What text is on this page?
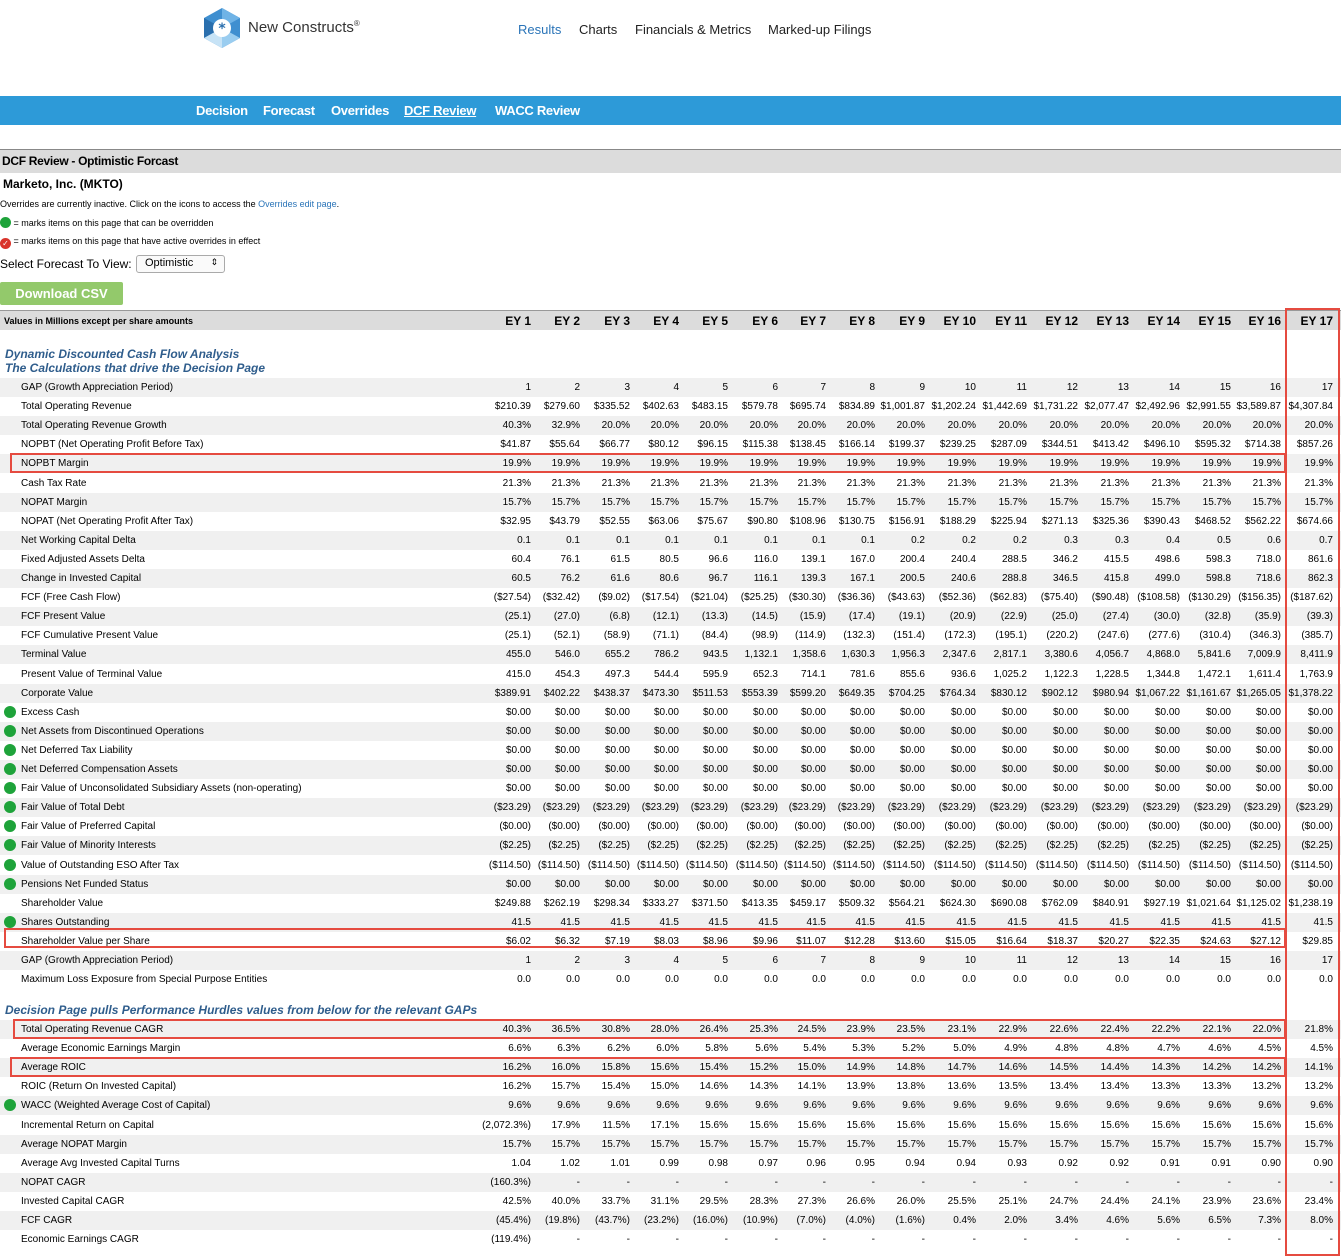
* New Constructs®	Results Charts Financials & Metrics Marked-up Filings
Decision Forecast Overrides DCF Review WACC Review
DCF Review - Optimistic Forcast
Marketo, Inc. (MKTO)
Overrides are currently inactive. Click on the icons to access the Overrides edit page.
= marks items on this page that can be overridden
✓ = marks items on this page that have active overrides in effect
Select Forecast To View:	Optimistic ⇕
Download CSV
Values in Millions except per share amounts	EY 1	EY 2	EY 3	EY 4	EY 5	EY 6	EY 7	EY 8	EY 9	EY 10	EY 11	EY 12	EY 13	EY 14	EY 15	EY 16	EY 17
Dynamic Discounted Cash Flow Analysis
The Calculations that drive the Decision Page
GAP (Growth Appreciation Period)	1	2	3	4	5	6	7	8	9	10	11	12	13	14	15	16	17
Total Operating Revenue	$210.39	$279.60	$335.52	$402.63	$483.15	$579.78	$695.74	$834.89 $1,001.87 $1,202.24 $1,442.69 $1,731.22 $2,077.47 $2,492.96 $2,991.55 $3,589.87 $4,307.84
Total Operating Revenue Growth	40.3%	32.9%	20.0%	20.0%	20.0%	20.0%	20.0%	20.0%	20.0%	20.0%	20.0%	20.0%	20.0%	20.0%	20.0%	20.0%	20.0%
NOPBT (Net Operating Profit Before Tax)	$41.87	$55.64	$66.77	$80.12	$96.15	$115.38	$138.45	$166.14	$199.37	$239.25	$287.09	$344.51	$413.42	$496.10	$595.32	$714.38	$857.26
NOPBT Margin	19.9%	19.9%	19.9%	19.9%	19.9%	19.9%	19.9%	19.9%	19.9%	19.9%	19.9%	19.9%	19.9%	19.9%	19.9%	19.9%	19.9%
Cash Tax Rate	21.3%	21.3%	21.3%	21.3%	21.3%	21.3%	21.3%	21.3%	21.3%	21.3%	21.3%	21.3%	21.3%	21.3%	21.3%	21.3%	21.3%
NOPAT Margin	15.7%	15.7%	15.7%	15.7%	15.7%	15.7%	15.7%	15.7%	15.7%	15.7%	15.7%	15.7%	15.7%	15.7%	15.7%	15.7%	15.7%
NOPAT (Net Operating Profit After Tax)	$32.95	$43.79	$52.55	$63.06	$75.67	$90.80	$108.96	$130.75	$156.91	$188.29	$225.94	$271.13	$325.36	$390.43	$468.52	$562.22	$674.66
Net Working Capital Delta	0.1	0.1	0.1	0.1	0.1	0.1	0.1	0.1	0.2	0.2	0.2	0.3	0.3	0.4	0.5	0.6	0.7
Fixed Adjusted Assets Delta	60.4	76.1	61.5	80.5	96.6	116.0	139.1	167.0	200.4	240.4	288.5	346.2	415.5	498.6	598.3	718.0	861.6
Change in Invested Capital	60.5	76.2	61.6	80.6	96.7	116.1	139.3	167.1	200.5	240.6	288.8	346.5	415.8	499.0	598.8	718.6	862.3
FCF (Free Cash Flow)	($27.54)	($32.42)	($9.02)	($17.54)	($21.04)	($25.25)	($30.30)	($36.36)	($43.63)	($52.36)	($62.83)	($75.40)	($90.48) ($108.58) ($130.29) ($156.35) ($187.62)
FCF Present Value	(25.1)	(27.0)	(6.8)	(12.1)	(13.3)	(14.5)	(15.9)	(17.4)	(19.1)	(20.9)	(22.9)	(25.0)	(27.4)	(30.0)	(32.8)	(35.9)	(39.3)
FCF Cumulative Present Value	(25.1)	(52.1)	(58.9)	(71.1)	(84.4)	(98.9)	(114.9)	(132.3)	(151.4)	(172.3)	(195.1)	(220.2)	(247.6)	(277.6)	(310.4)	(346.3)	(385.7)
Terminal Value	455.0	546.0	655.2	786.2	943.5	1,132.1	1,358.6	1,630.3	1,956.3	2,347.6	2,817.1	3,380.6	4,056.7	4,868.0	5,841.6	7,009.9	8,411.9
Present Value of Terminal Value	415.0	454.3	497.3	544.4	595.9	652.3	714.1	781.6	855.6	936.6	1,025.2	1,122.3	1,228.5	1,344.8	1,472.1	1,611.4	1,763.9
Corporate Value	$389.91	$402.22	$438.37	$473.30	$511.53	$553.39	$599.20	$649.35	$704.25	$764.34	$830.12	$902.12	$980.94 $1,067.22 $1,161.67 $1,265.05 $1,378.22
Excess Cash	$0.00	$0.00	$0.00	$0.00	$0.00	$0.00	$0.00	$0.00	$0.00	$0.00	$0.00	$0.00	$0.00	$0.00	$0.00	$0.00	$0.00
Net Assets from Discontinued Operations	$0.00	$0.00	$0.00	$0.00	$0.00	$0.00	$0.00	$0.00	$0.00	$0.00	$0.00	$0.00	$0.00	$0.00	$0.00	$0.00	$0.00
Net Deferred Tax Liability	$0.00	$0.00	$0.00	$0.00	$0.00	$0.00	$0.00	$0.00	$0.00	$0.00	$0.00	$0.00	$0.00	$0.00	$0.00	$0.00	$0.00
Net Deferred Compensation Assets	$0.00	$0.00	$0.00	$0.00	$0.00	$0.00	$0.00	$0.00	$0.00	$0.00	$0.00	$0.00	$0.00	$0.00	$0.00	$0.00	$0.00
Fair Value of Unconsolidated Subsidiary Assets (non-operating)	$0.00	$0.00	$0.00	$0.00	$0.00	$0.00	$0.00	$0.00	$0.00	$0.00	$0.00	$0.00	$0.00	$0.00	$0.00	$0.00	$0.00
Fair Value of Total Debt	($23.29)	($23.29)	($23.29)	($23.29)	($23.29)	($23.29)	($23.29)	($23.29)	($23.29)	($23.29)	($23.29)	($23.29)	($23.29)	($23.29)	($23.29)	($23.29)	($23.29)
Fair Value of Preferred Capital	($0.00)	($0.00)	($0.00)	($0.00)	($0.00)	($0.00)	($0.00)	($0.00)	($0.00)	($0.00)	($0.00)	($0.00)	($0.00)	($0.00)	($0.00)	($0.00)	($0.00)
Fair Value of Minority Interests	($2.25)	($2.25)	($2.25)	($2.25)	($2.25)	($2.25)	($2.25)	($2.25)	($2.25)	($2.25)	($2.25)	($2.25)	($2.25)	($2.25)	($2.25)	($2.25)	($2.25)
Value of Outstanding ESO After Tax	($114.50) ($114.50) ($114.50) ($114.50) ($114.50) ($114.50) ($114.50) ($114.50) ($114.50) ($114.50) ($114.50) ($114.50) ($114.50) ($114.50) ($114.50) ($114.50) ($114.50)
Pensions Net Funded Status	$0.00	$0.00	$0.00	$0.00	$0.00	$0.00	$0.00	$0.00	$0.00	$0.00	$0.00	$0.00	$0.00	$0.00	$0.00	$0.00	$0.00
Shareholder Value	$249.88	$262.19	$298.34	$333.27	$371.50	$413.35	$459.17	$509.32	$564.21	$624.30	$690.08	$762.09	$840.91	$927.19 $1,021.64 $1,125.02 $1,238.19
Shares Outstanding	41.5	41.5	41.5	41.5	41.5	41.5	41.5	41.5	41.5	41.5	41.5	41.5	41.5	41.5	41.5	41.5	41.5
Shareholder Value per Share	$6.02	$6.32	$7.19	$8.03	$8.96	$9.96	$11.07	$12.28	$13.60	$15.05	$16.64	$18.37	$20.27	$22.35	$24.63	$27.12	$29.85
GAP (Growth Appreciation Period)	1	2	3	4	5	6	7	8	9	10	11	12	13	14	15	16	17
Maximum Loss Exposure from Special Purpose Entities	0.0	0.0	0.0	0.0	0.0	0.0	0.0	0.0	0.0	0.0	0.0	0.0	0.0	0.0	0.0	0.0	0.0
Decision Page pulls Performance Hurdles values from below for the relevant GAPs
Total Operating Revenue CAGR	40.3%	36.5%	30.8%	28.0%	26.4%	25.3%	24.5%	23.9%	23.5%	23.1%	22.9%	22.6%	22.4%	22.2%	22.1%	22.0%	21.8%
Average Economic Earnings Margin	6.6%	6.3%	6.2%	6.0%	5.8%	5.6%	5.4%	5.3%	5.2%	5.0%	4.9%	4.8%	4.8%	4.7%	4.6%	4.5%	4.5%
Average ROIC	16.2%	16.0%	15.8%	15.6%	15.4%	15.2%	15.0%	14.9%	14.8%	14.7%	14.6%	14.5%	14.4%	14.3%	14.2%	14.2%	14.1%
ROIC (Return On Invested Capital)	16.2%	15.7%	15.4%	15.0%	14.6%	14.3%	14.1%	13.9%	13.8%	13.6%	13.5%	13.4%	13.4%	13.3%	13.3%	13.2%	13.2%
WACC (Weighted Average Cost of Capital)	9.6%	9.6%	9.6%	9.6%	9.6%	9.6%	9.6%	9.6%	9.6%	9.6%	9.6%	9.6%	9.6%	9.6%	9.6%	9.6%	9.6%
Incremental Return on Capital	(2,072.3%)	17.9%	11.5%	17.1%	15.6%	15.6%	15.6%	15.6%	15.6%	15.6%	15.6%	15.6%	15.6%	15.6%	15.6%	15.6%	15.6%
Average NOPAT Margin	15.7%	15.7%	15.7%	15.7%	15.7%	15.7%	15.7%	15.7%	15.7%	15.7%	15.7%	15.7%	15.7%	15.7%	15.7%	15.7%	15.7%
Average Avg Invested Capital Turns	1.04	1.02	1.01	0.99	0.98	0.97	0.96	0.95	0.94	0.94	0.93	0.92	0.92	0.91	0.91	0.90	0.90
NOPAT CAGR	(160.3%)	-	-	-	-	-	-	-	-	-	-	-	-	-	-	-	-
Invested Capital CAGR	42.5%	40.0%	33.7%	31.1%	29.5%	28.3%	27.3%	26.6%	26.0%	25.5%	25.1%	24.7%	24.4%	24.1%	23.9%	23.6%	23.4%
FCF CAGR	(45.4%)	(19.8%)	(43.7%)	(23.2%)	(16.0%)	(10.9%)	(7.0%)	(4.0%)	(1.6%)	0.4%	2.0%	3.4%	4.6%	5.6%	6.5%	7.3%	8.0%
Economic Earnings CAGR	(119.4%)	-	-	-	-	-	-	-	-	-	-	-	-	-	-	-	-
